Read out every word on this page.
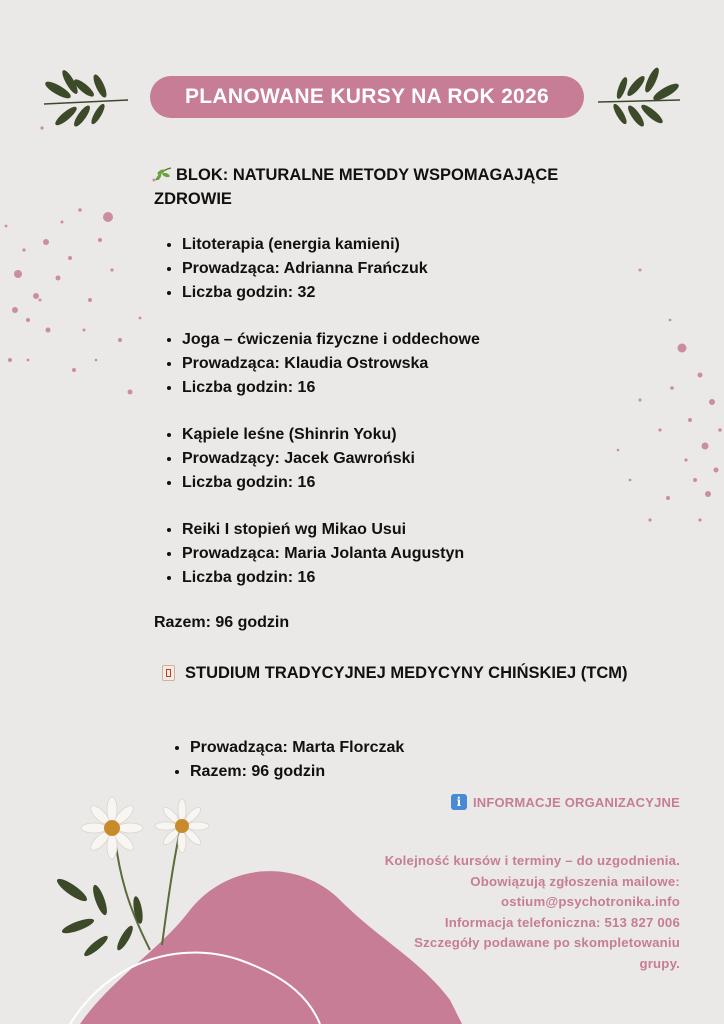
PLANOWANE KURSY NA ROK 2026
BLOK: NATURALNE METODY WSPOMAGAJĄCE ZDROWIE
• Litoterapia (energia kamieni)
• Prowadząca: Adrianna Frańczuk
• Liczba godzin: 32
• Joga – ćwiczenia fizyczne i oddechowe
• Prowadząca: Klaudia Ostrowska
• Liczba godzin: 16
• Kąpiele leśne (Shinrin Yoku)
• Prowadzący: Jacek Gawroński
• Liczba godzin: 16
• Reiki I stopień wg Mikao Usui
• Prowadząca: Maria Jolanta Augustyn
• Liczba godzin: 16
Razem: 96 godzin
STUDIUM TRADYCYJNEJ MEDYCYNY CHIŃSKIEJ (TCM)
• Prowadząca: Marta Florczak
• Razem: 96 godzin
i INFORMACJE ORGANIZACYJNE
Kolejność kursów i terminy – do uzgodnienia.
Obowiązują zgłoszenia mailowe:
ostium@psychotronika.info
Informacja telefoniczna: 513 827 006
Szczegóły podawane po skompletowaniu
grupy.
